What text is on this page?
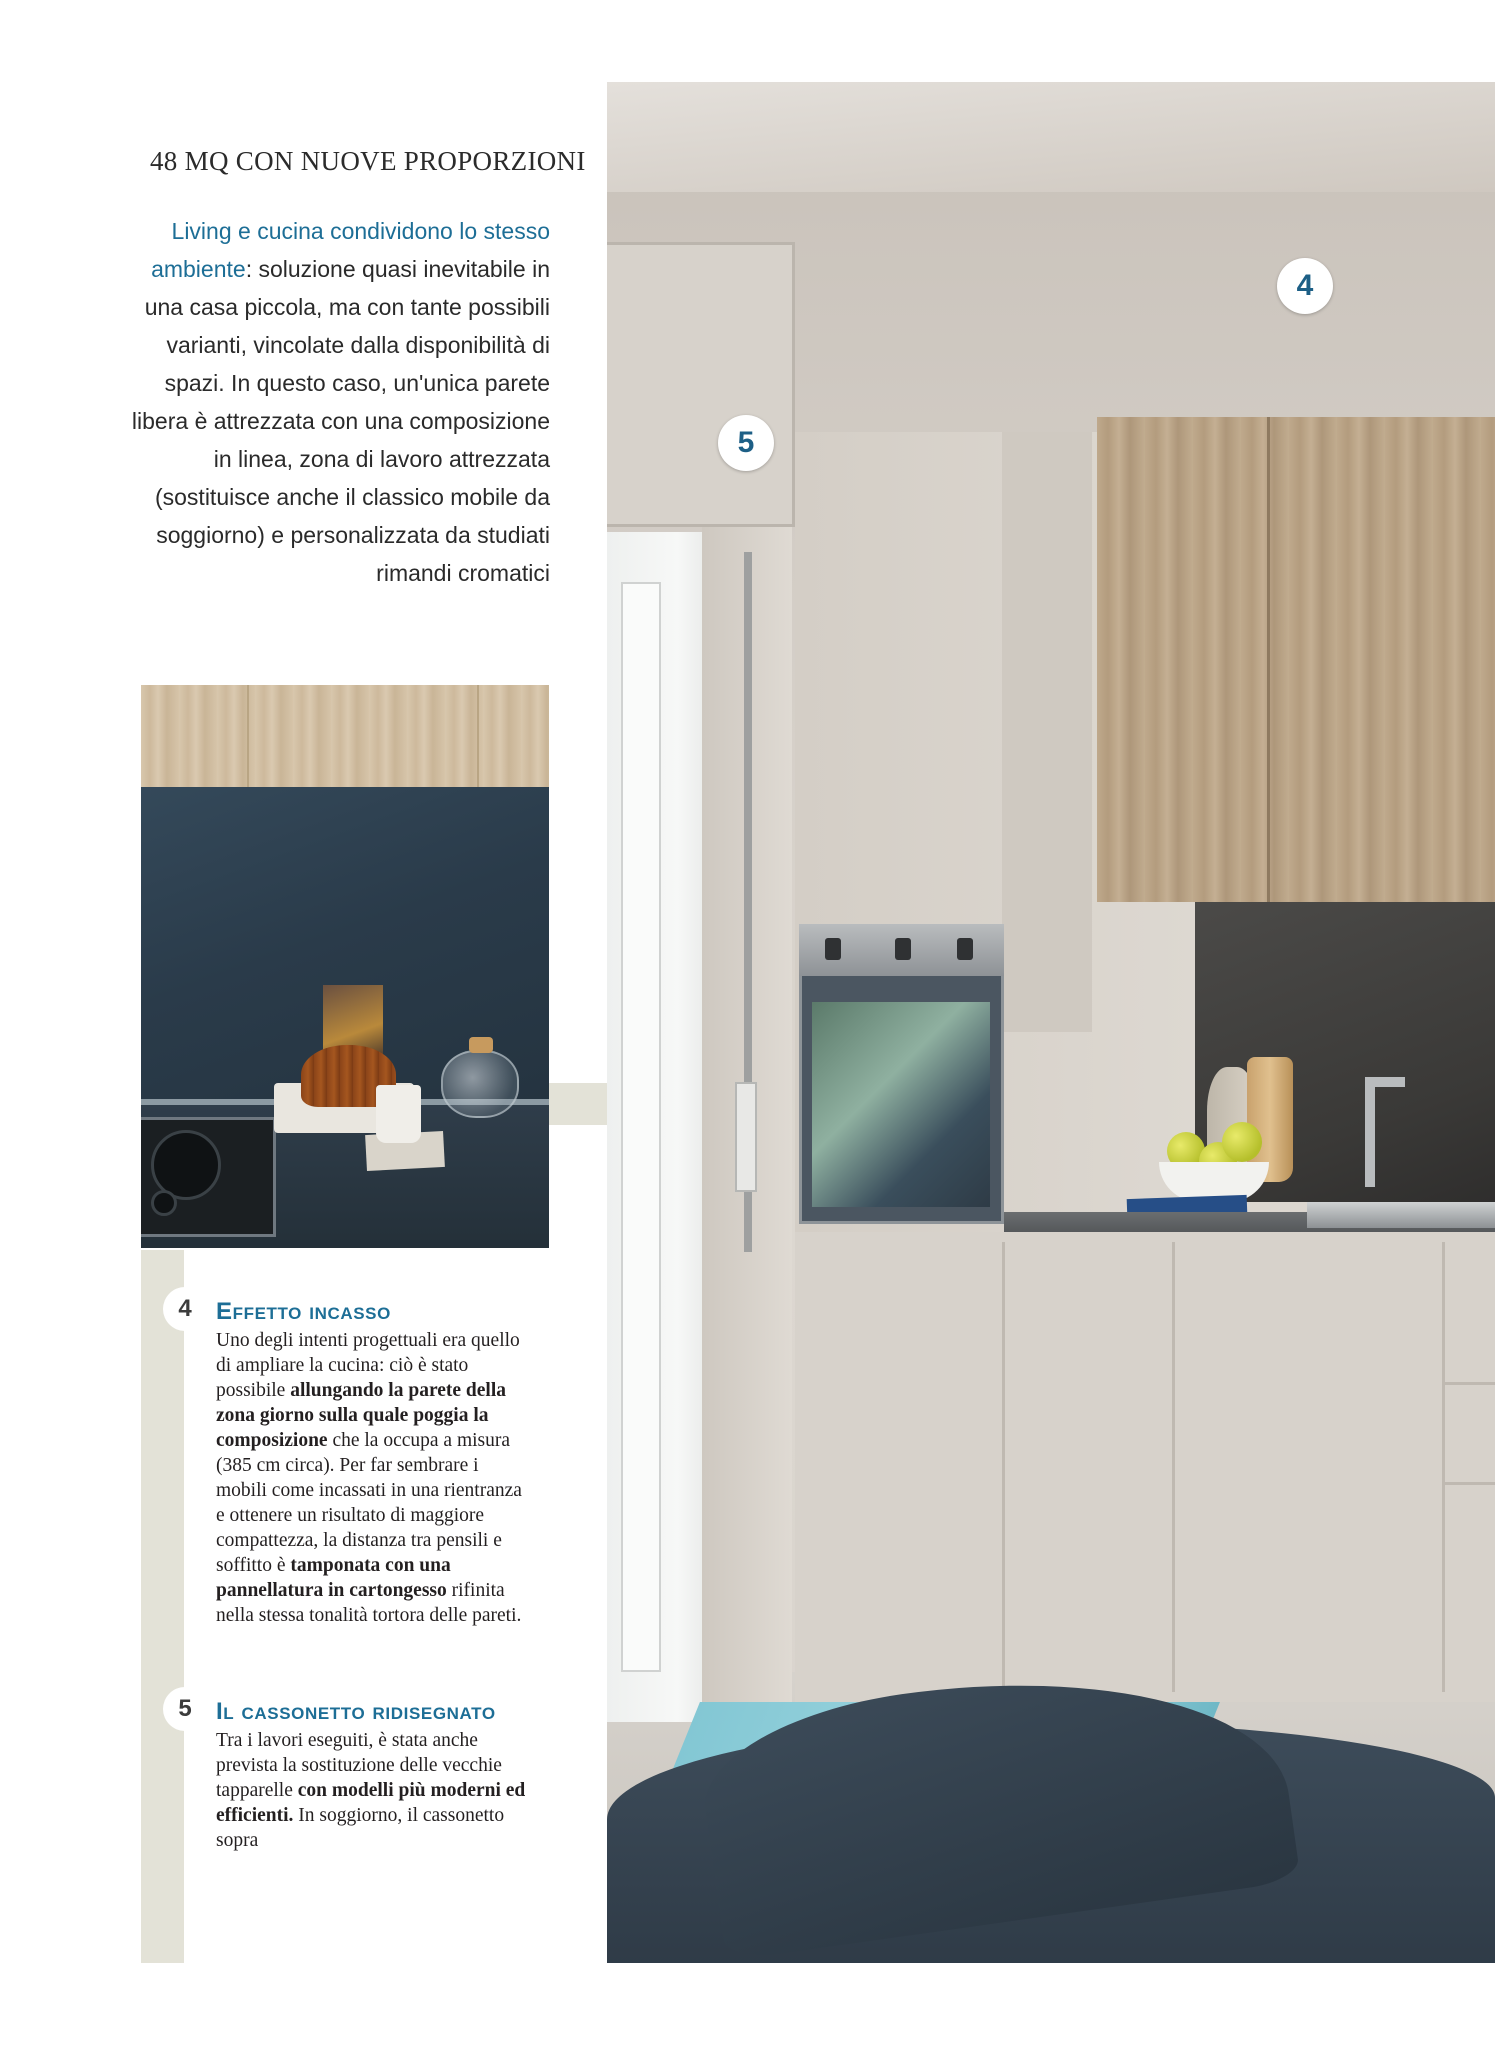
48 MQ CON NUOVE PROPORZIONI

Living e cucina condividono lo stesso ambiente: soluzione quasi inevitabile in una casa piccola, ma con tante possibili varianti, vincolate dalla disponibilità di spazi. In questo caso, un'unica parete libera è attrezzata con una composizione in linea, zona di lavoro attrezzata (sostituisce anche il classico mobile da soggiorno) e personalizzata da studiati rimandi cromatici

4	Effetto incasso

Uno degli intenti progettuali era quello di ampliare la cucina: ciò è stato possibile allungando la parete della zona giorno sulla quale poggia la composizione che la occupa a misura (385 cm circa). Per far sembrare i mobili come incassati in una rientranza e ottenere un risultato di maggiore compattezza, la distanza tra pensili e soffitto è tamponata con una pannellatura in cartongesso rifinita nella stessa tonalità tortora delle pareti.

5	Il cassonetto ridisegnato

Tra i lavori eseguiti, è stata anche prevista la sostituzione delle vecchie tapparelle con modelli più moderni ed efficienti. In soggiorno, il cassonetto sopra

4
5
